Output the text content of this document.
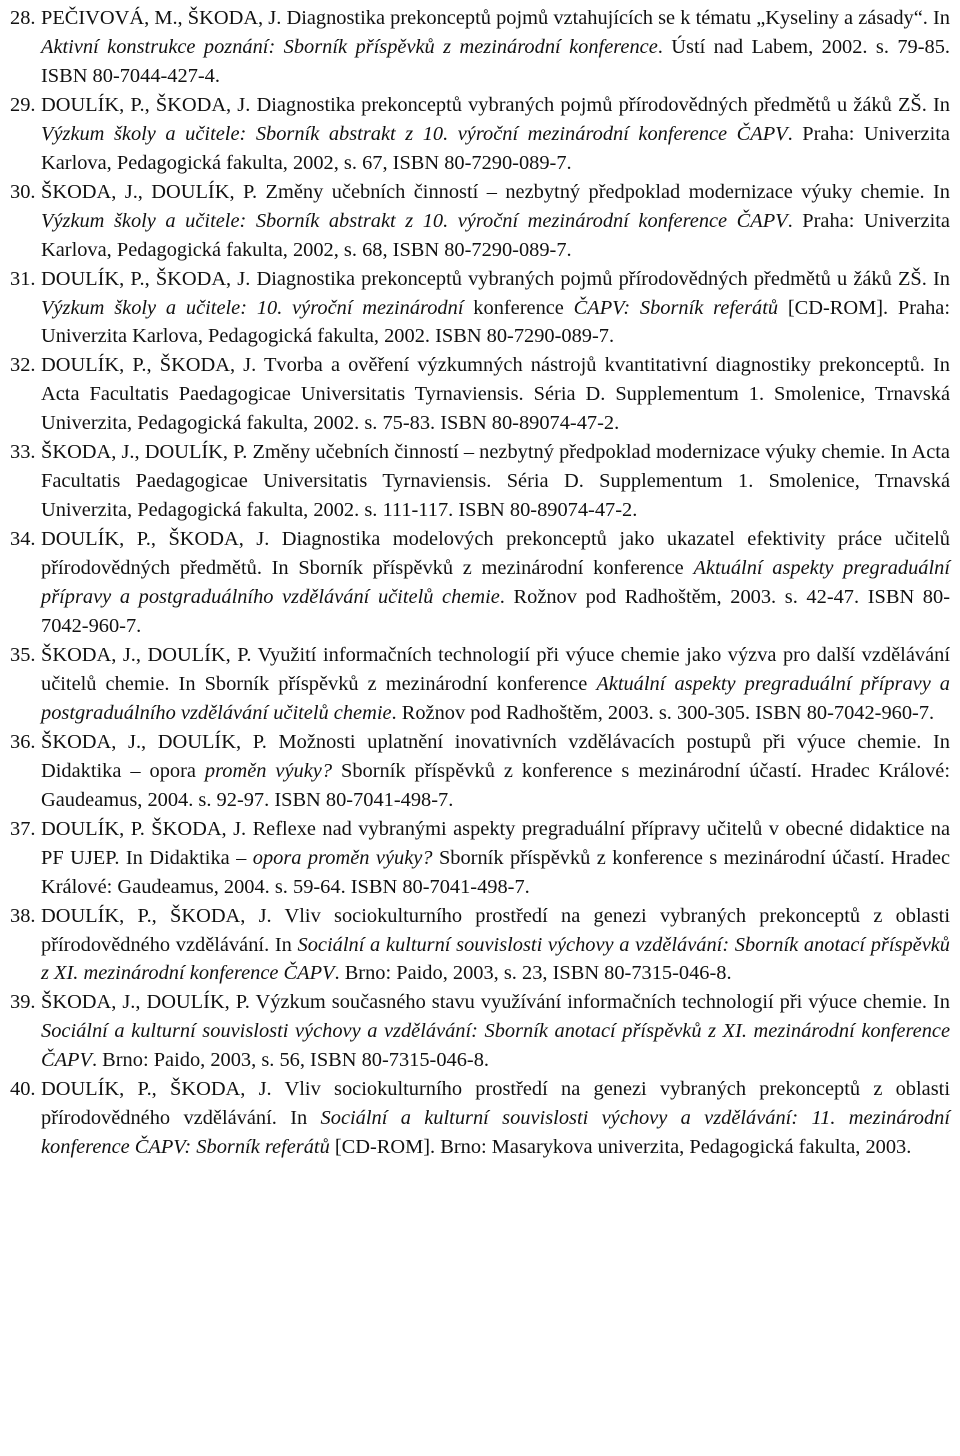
28. PEČIVOVÁ, M., ŠKODA, J. Diagnostika prekonceptů pojmů vztahujících se k tématu „Kyseliny a zásady“. In Aktivní konstrukce poznání: Sborník příspěvků z mezinárodní konference. Ústí nad Labem, 2002. s. 79-85. ISBN 80-7044-427-4.
29. DOULÍK, P., ŠKODA, J. Diagnostika prekonceptů vybraných pojmů přírodovědných předmětů u žáků ZŠ. In Výzkum školy a učitele: Sborník abstrakt z 10. výroční mezinárodní konference ČAPV. Praha: Univerzita Karlova, Pedagogická fakulta, 2002, s. 67, ISBN 80-7290-089-7.
30. ŠKODA, J., DOULÍK, P. Změny učebních činností – nezbytný předpoklad modernizace výuky chemie. In Výzkum školy a učitele: Sborník abstrakt z 10. výroční mezinárodní konference ČAPV. Praha: Univerzita Karlova, Pedagogická fakulta, 2002, s. 68, ISBN 80-7290-089-7.
31. DOULÍK, P., ŠKODA, J. Diagnostika prekonceptů vybraných pojmů přírodovědných předmětů u žáků ZŠ. In Výzkum školy a učitele: 10. výroční mezinárodní konference ČAPV: Sborník referátů [CD-ROM]. Praha: Univerzita Karlova, Pedagogická fakulta, 2002. ISBN 80-7290-089-7.
32. DOULÍK, P., ŠKODA, J. Tvorba a ověření výzkumných nástrojů kvantitativní diagnostiky prekonceptů. In Acta Facultatis Paedagogicae Universitatis Tyrnaviensis. Séria D. Supplementum 1. Smolenice, Trnavská Univerzita, Pedagogická fakulta, 2002. s. 75-83. ISBN 80-89074-47-2.
33. ŠKODA, J., DOULÍK, P. Změny učebních činností – nezbytný předpoklad modernizace výuky chemie. In Acta Facultatis Paedagogicae Universitatis Tyrnaviensis. Séria D. Supplementum 1. Smolenice, Trnavská Univerzita, Pedagogická fakulta, 2002. s. 111-117. ISBN 80-89074-47-2.
34. DOULÍK, P., ŠKODA, J. Diagnostika modelových prekonceptů jako ukazatel efektivity práce učitelů přírodovědných předmětů. In Sborník příspěvků z mezinárodní konference Aktuální aspekty pregraduální přípravy a postgraduálního vzdělávání učitelů chemie. Rožnov pod Radhoštěm, 2003. s. 42-47. ISBN 80-7042-960-7.
35. ŠKODA, J., DOULÍK, P. Využití informačních technologií při výuce chemie jako výzva pro další vzdělávání učitelů chemie. In Sborník příspěvků z mezinárodní konference Aktuální aspekty pregraduální přípravy a postgraduálního vzdělávání učitelů chemie. Rožnov pod Radhoštěm, 2003. s. 300-305. ISBN 80-7042-960-7.
36. ŠKODA, J., DOULÍK, P. Možnosti uplatnění inovativních vzdělávacích postupů při výuce chemie. In Didaktika – opora proměn výuky? Sborník příspěvků z konference s mezinárodní účastí. Hradec Králové: Gaudeamus, 2004. s. 92-97. ISBN 80-7041-498-7.
37. DOULÍK, P. ŠKODA, J. Reflexe nad vybranými aspekty pregraduální přípravy učitelů v obecné didaktice na PF UJEP. In Didaktika – opora proměn výuky? Sborník příspěvků z konference s mezinárodní účastí. Hradec Králové: Gaudeamus, 2004. s. 59-64. ISBN 80-7041-498-7.
38. DOULÍK, P., ŠKODA, J. Vliv sociokulturního prostředí na genezi vybraných prekonceptů z oblasti přírodovědného vzdělávání. In Sociální a kulturní souvislosti výchovy a vzdělávání: Sborník anotací příspěvků z XI. mezinárodní konference ČAPV. Brno: Paido, 2003, s. 23, ISBN 80-7315-046-8.
39. ŠKODA, J., DOULÍK, P. Výzkum současného stavu využívání informačních technologií při výuce chemie. In Sociální a kulturní souvislosti výchovy a vzdělávání: Sborník anotací příspěvků z XI. mezinárodní konference ČAPV. Brno: Paido, 2003, s. 56, ISBN 80-7315-046-8.
40. DOULÍK, P., ŠKODA, J. Vliv sociokulturního prostředí na genezi vybraných prekonceptů z oblasti přírodovědného vzdělávání. In Sociální a kulturní souvislosti výchovy a vzdělávání: 11. mezinárodní konference ČAPV: Sborník referátů [CD-ROM]. Brno: Masarykova univerzita, Pedagogická fakulta, 2003.
